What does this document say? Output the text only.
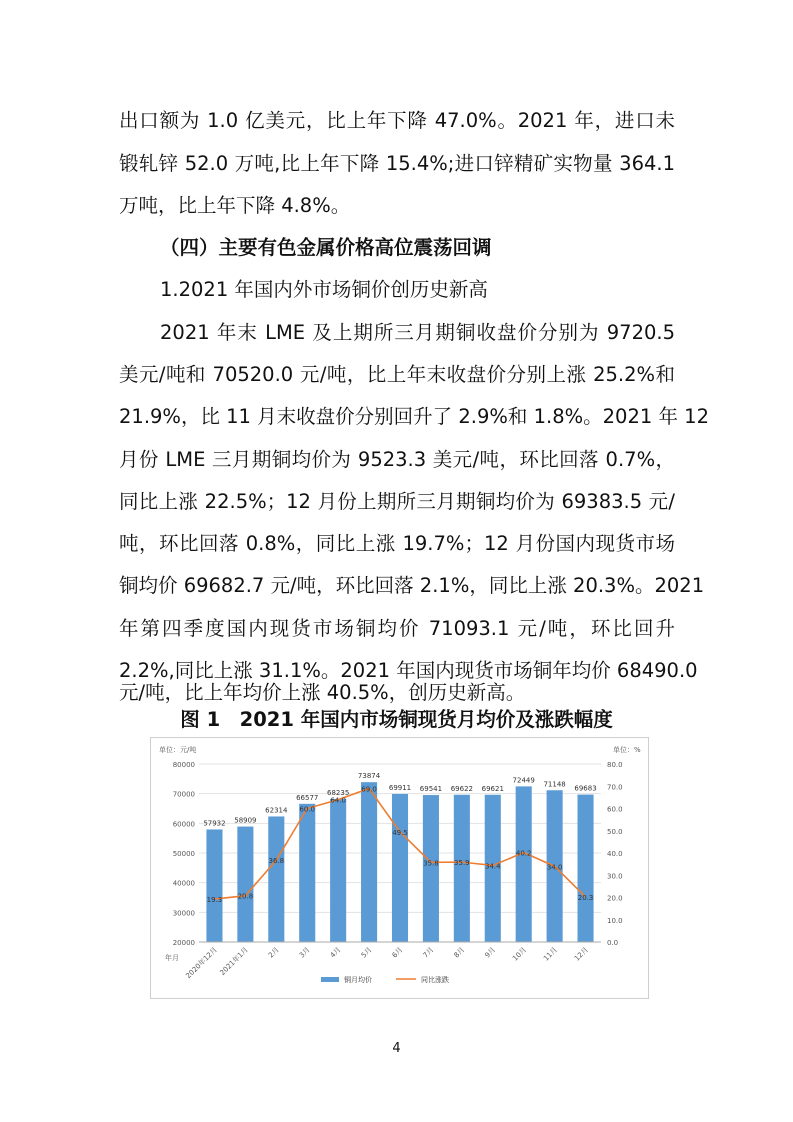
出口额为 1.0 亿美元，比上年下降 47.0%。2021 年，进口未
锻轧锌 52.0 万吨,比上年下降 15.4%;进口锌精矿实物量 364.1
万吨，比上年下降 4.8%。
（四）主要有色金属价格高位震荡回调
1.2021 年国内外市场铜价创历史新高
2021 年末 LME 及上期所三月期铜收盘价分别为 9720.5
美元/吨和 70520.0 元/吨，比上年末收盘价分别上涨 25.2%和
21.9%，比 11 月末收盘价分别回升了 2.9%和 1.8%。2021 年 12
月份 LME 三月期铜均价为 9523.3 美元/吨，环比回落 0.7%，
同比上涨 22.5%；12 月份上期所三月期铜均价为 69383.5 元/
吨，环比回落 0.8%，同比上涨 19.7%；12 月份国内现货市场
铜均价 69682.7 元/吨，环比回落 2.1%，同比上涨 20.3%。2021
年第四季度国内现货市场铜均价 71093.1 元/吨，环比回升
2.2%,同比上涨 31.1%。2021 年国内现货市场铜年均价 68490.0
元/吨，比上年均价上涨 40.5%，创历史新高。
图 1　2021 年国内市场铜现货月均价及涨跌幅度
57932 58909
62314
66577
68235
73874
69911 69541 69622 69621
72449 71148
69683
19.3 20.8
36.8
60.0
64.0
69.0
49.5
35.8 35.9 34.4
40.2
34.0
20.3
单位：元/吨	单位：%
20000
30000
40000
50000
60000
70000
80000
0.0
10.0
20.0
30.0
40.0
50.0
60.0
70.0
80.0
2020年12月 2021年1月 2月 3月 4月 5月 6月 7月 8月 9月 10月 11月 12月
年月
铜月均价	同比涨跌
4
